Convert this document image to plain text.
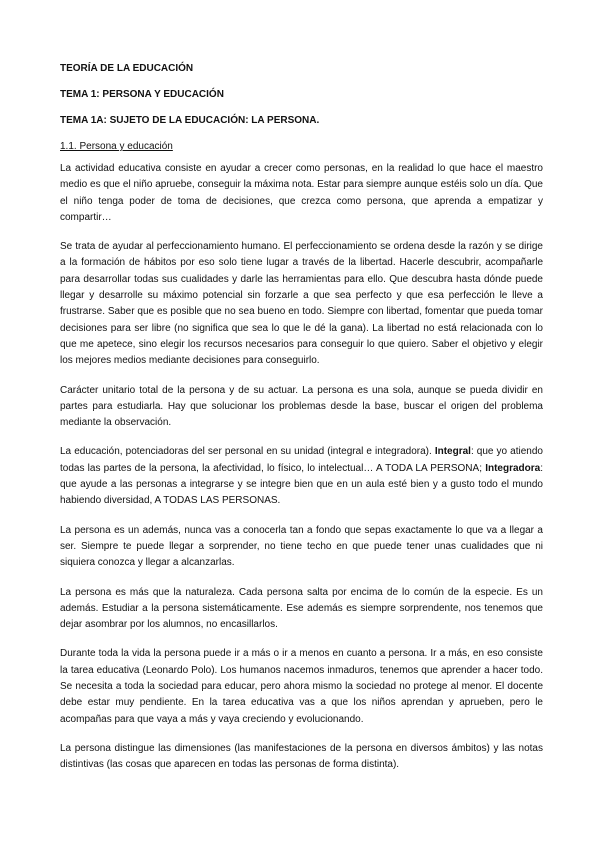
TEORÍA DE LA EDUCACIÓN

TEMA 1: PERSONA Y EDUCACIÓN

TEMA 1A: SUJETO DE LA EDUCACIÓN: LA PERSONA.

1.1. Persona y educación

La actividad educativa consiste en ayudar a crecer como personas, en la realidad lo que hace el maestro medio es que el niño apruebe, conseguir la máxima nota. Estar para siempre aunque estéis solo un día. Que el niño tenga poder de toma de decisiones, que crezca como persona, que aprenda a empatizar y compartir…

Se trata de ayudar al perfeccionamiento humano. El perfeccionamiento se ordena desde la razón y se dirige a la formación de hábitos por eso solo tiene lugar a través de la libertad. Hacerle descubrir, acompañarle para desarrollar todas sus cualidades y darle las herramientas para ello. Que descubra hasta dónde puede llegar y desarrolle su máximo potencial sin forzarle a que sea perfecto y que esa perfección le lleve a frustrarse. Saber que es posible que no sea bueno en todo. Siempre con libertad, fomentar que pueda tomar decisiones para ser libre (no significa que sea lo que le dé la gana). La libertad no está relacionada con lo que me apetece, sino elegir los recursos necesarios para conseguir lo que quiero. Saber el objetivo y elegir los mejores medios mediante decisiones para conseguirlo.

Carácter unitario total de la persona y de su actuar. La persona es una sola, aunque se pueda dividir en partes para estudiarla. Hay que solucionar los problemas desde la base, buscar el origen del problema mediante la observación.

La educación, potenciadoras del ser personal en su unidad (integral e integradora). Integral: que yo atiendo todas las partes de la persona, la afectividad, lo físico, lo intelectual… A TODA LA PERSONA; Integradora: que ayude a las personas a integrarse y se integre bien que en un aula esté bien y a gusto todo el mundo habiendo diversidad, A TODAS LAS PERSONAS.

La persona es un además, nunca vas a conocerla tan a fondo que sepas exactamente lo que va a llegar a ser. Siempre te puede llegar a sorprender, no tiene techo en que puede tener unas cualidades que ni siquiera conozca y llegar a alcanzarlas.

La persona es más que la naturaleza. Cada persona salta por encima de lo común de la especie. Es un además. Estudiar a la persona sistemáticamente. Ese además es siempre sorprendente, nos tenemos que dejar asombrar por los alumnos, no encasillarlos.

Durante toda la vida la persona puede ir a más o ir a menos en cuanto a persona. Ir a más, en eso consiste la tarea educativa (Leonardo Polo). Los humanos nacemos inmaduros, tenemos que aprender a hacer todo. Se necesita a toda la sociedad para educar, pero ahora mismo la sociedad no protege al menor. El docente debe estar muy pendiente. En la tarea educativa vas a que los niños aprendan y aprueben, pero le acompañas para que vaya a más y vaya creciendo y evolucionando.

La persona distingue las dimensiones (las manifestaciones de la persona en diversos ámbitos) y las notas distintivas (las cosas que aparecen en todas las personas de forma distinta).
